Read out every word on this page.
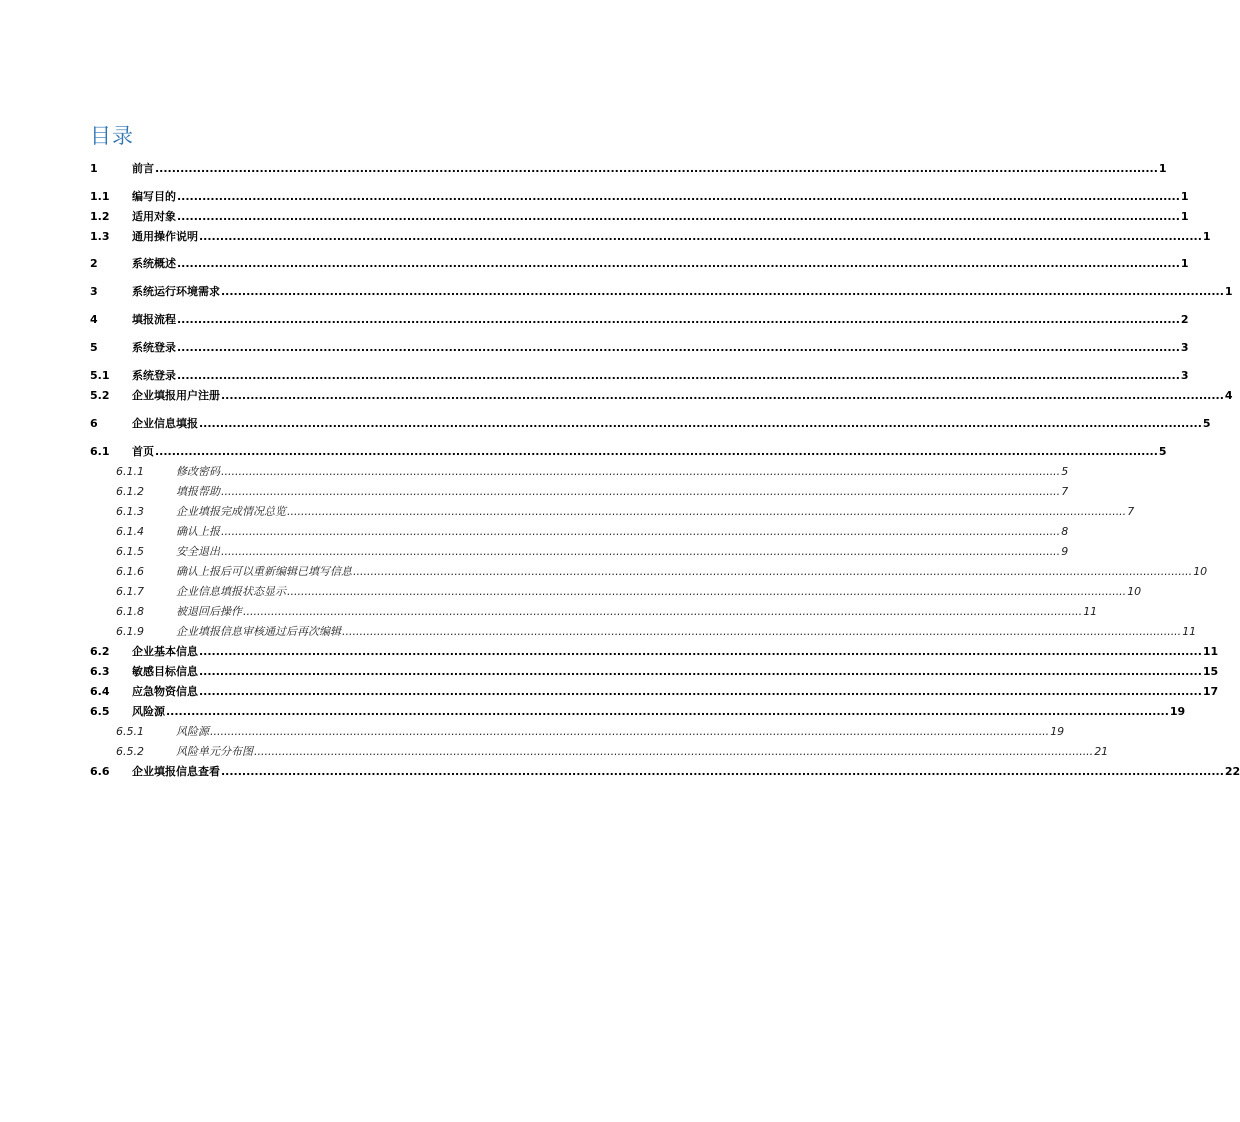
目录
1	前言 ................................................................................................................................................................................................................................................ 1
1.1	编写目的 ................................................................................................................................................................................................................................................ 1
1.2	适用对象 ................................................................................................................................................................................................................................................ 1
1.3	通用操作说明 ................................................................................................................................................................................................................................................ 1
2	系统概述 ................................................................................................................................................................................................................................................ 1
3	系统运行环境需求 ................................................................................................................................................................................................................................................ 1
4	填报流程 ................................................................................................................................................................................................................................................ 2
5	系统登录 ................................................................................................................................................................................................................................................ 3
5.1	系统登录 ................................................................................................................................................................................................................................................ 3
5.2	企业填报用户注册 ................................................................................................................................................................................................................................................ 4
6	企业信息填报 ................................................................................................................................................................................................................................................ 5
6.1	首页 ................................................................................................................................................................................................................................................ 5
6.1.1	修改密码 ................................................................................................................................................................................................................................................ 5
6.1.2	填报帮助 ................................................................................................................................................................................................................................................ 7
6.1.3	企业填报完成情况总览 ................................................................................................................................................................................................................................................ 7
6.1.4	确认上报 ................................................................................................................................................................................................................................................ 8
6.1.5	安全退出 ................................................................................................................................................................................................................................................ 9
6.1.6	确认上报后可以重新编辑已填写信息 ................................................................................................................................................................................................................................................ 10
6.1.7	企业信息填报状态显示 ................................................................................................................................................................................................................................................ 10
6.1.8	被退回后操作 ................................................................................................................................................................................................................................................ 11
6.1.9	企业填报信息审核通过后再次编辑 ................................................................................................................................................................................................................................................ 11
6.2	企业基本信息 ................................................................................................................................................................................................................................................ 11
6.3	敏感目标信息 ................................................................................................................................................................................................................................................ 15
6.4	应急物资信息 ................................................................................................................................................................................................................................................ 17
6.5	风险源 ................................................................................................................................................................................................................................................ 19
6.5.1	风险源 ................................................................................................................................................................................................................................................ 19
6.5.2	风险单元分布图 ................................................................................................................................................................................................................................................ 21
6.6	企业填报信息查看 ................................................................................................................................................................................................................................................ 22
